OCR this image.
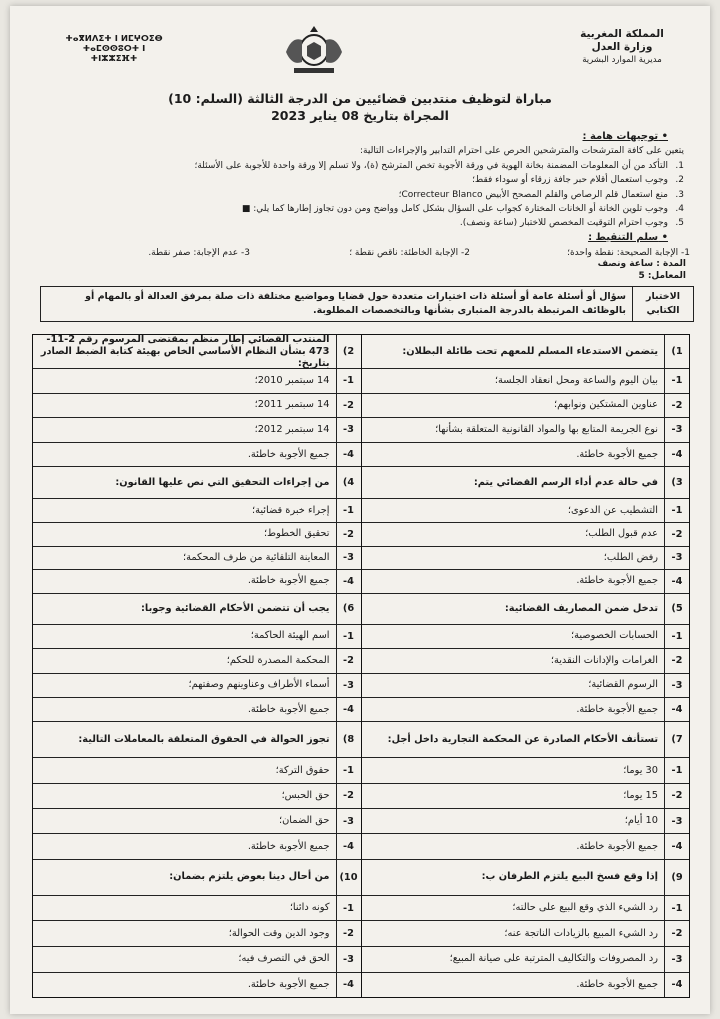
المملكة المغربية
وزارة العدل
مديرية الموارد البشرية
ⵜⴰⴳⵍⴷⵉⵜ ⵏ ⵍⵎⵖⵔⵉⴱ
ⵜⴰⵎⵙⵙⵓⵔⵜ ⵏ ⵜⵏⵣⵣⵉⴼⵜ
مباراة لتوظيف منتدبين قضائيين من الدرجة الثالثة (السلم: 10)
المجراة بتاريخ 08 يناير 2023
• توجيهات هامة :
يتعين على كافة المترشحات والمترشحين الحرص على احترام التدابير والإجراءات التالية:
1.
التأكد من أن المعلومات المضمنة بخانة الهوية في ورقة الأجوبة تخص المترشح (ة)، ولا تسلم إلا ورقة واحدة للأجوبة على الأسئلة؛
2.
وجوب استعمال أقلام حبر جافة زرقاء أو سوداء فقط؛
3.
منع استعمال قلم الرصاص والقلم المصحح الأبيض Correcteur Blanco؛
4.
وجوب تلوين الخانة أو الخانات المختارة كجواب على السؤال بشكل كامل وواضح ومن دون تجاوز إطارها كما يلي: ■
5.
وجوب احترام التوقيت المخصص للاختبار (ساعة ونصف).
• سلم التنقيط :
1- الإجابة الصحيحة: نقطة واحدة؛
2- الإجابة الخاطئة: ناقص نقطة ؛
3- عدم الإجابة: صفر نقطة.
المدة : ساعة ونصف
المعامل: 5
الاختبار الكتابي
سؤال أو أسئلة عامة أو أسئلة ذات اختيارات متعددة حول قضايا ومواضيع مختلفة ذات صلة بمرفق العدالة أو بالمهام أو بالوظائف المرتبطة بالدرجة المتبارى بشأنها وبالتخصصات المطلوبة.
1)
يتضمن الاستدعاء المسلم للمعهم تحت طائلة البطلان:
1-
بيان اليوم والساعة ومحل انعقاد الجلسة؛
2-
عناوين المشتكين ونوابهم؛
3-
نوع الجريمة المتابع بها والمواد القانونية المتعلقة بشأنها؛
4-
جميع الأجوبة خاطئة.
3)
في حالة عدم أداء الرسم القضائي يتم:
1-
التشطيب عن الدعوى؛
2-
عدم قبول الطلب؛
3-
رفض الطلب؛
4-
جميع الأجوبة خاطئة.
5)
تدخل ضمن المصاريف القضائية:
1-
الحسابات الخصوصية؛
2-
الغرامات والإدانات النقدية؛
3-
الرسوم القضائية؛
4-
جميع الأجوبة خاطئة.
7)
تستأنف الأحكام الصادرة عن المحكمة التجارية داخل أجل:
1-
30 يوما؛
2-
15 يوما؛
3-
10 أيام؛
4-
جميع الأجوبة خاطئة.
9)
إذا وقع فسخ البيع يلتزم الطرفان ب:
1-
رد الشيء الذي وقع البيع على حالته؛
2-
رد الشيء المبيع بالزيادات الناتجة عنه؛
3-
رد المصروفات والتكاليف المترتبة على صيانة المبيع؛
4-
جميع الأجوبة خاطئة.
2)
المنتدب القضائي إطار منظم بمقتضى المرسوم رقم 2-11-473 بشأن النظام الأساسي الخاص بهيئة كتابة الضبط الصادر بتاريخ:
1-
14 سبتمبر 2010؛
2-
14 سبتمبر 2011؛
3-
14 سبتمبر 2012؛
4-
جميع الأجوبة خاطئة.
4)
من إجراءات التحقيق التي نص عليها القانون:
1-
إجراء خبرة قضائية؛
2-
تحقيق الخطوط؛
3-
المعاينة التلقائية من طرف المحكمة؛
4-
جميع الأجوبة خاطئة.
6)
يجب أن تتضمن الأحكام القضائية وجوبا:
1-
اسم الهيئة الحاكمة؛
2-
المحكمة المصدرة للحكم؛
3-
أسماء الأطراف وعناوينهم وصفتهم؛
4-
جميع الأجوبة خاطئة.
8)
تجوز الحوالة في الحقوق المتعلقة بالمعاملات التالية:
1-
حقوق التركة؛
2-
حق الحبس؛
3-
حق الضمان؛
4-
جميع الأجوبة خاطئة.
10)
من أحال دينا بعوض يلتزم بضمان:
1-
كونه دائنا؛
2-
وجود الدين وقت الحوالة؛
3-
الحق في التصرف فيه؛
4-
جميع الأجوبة خاطئة.
